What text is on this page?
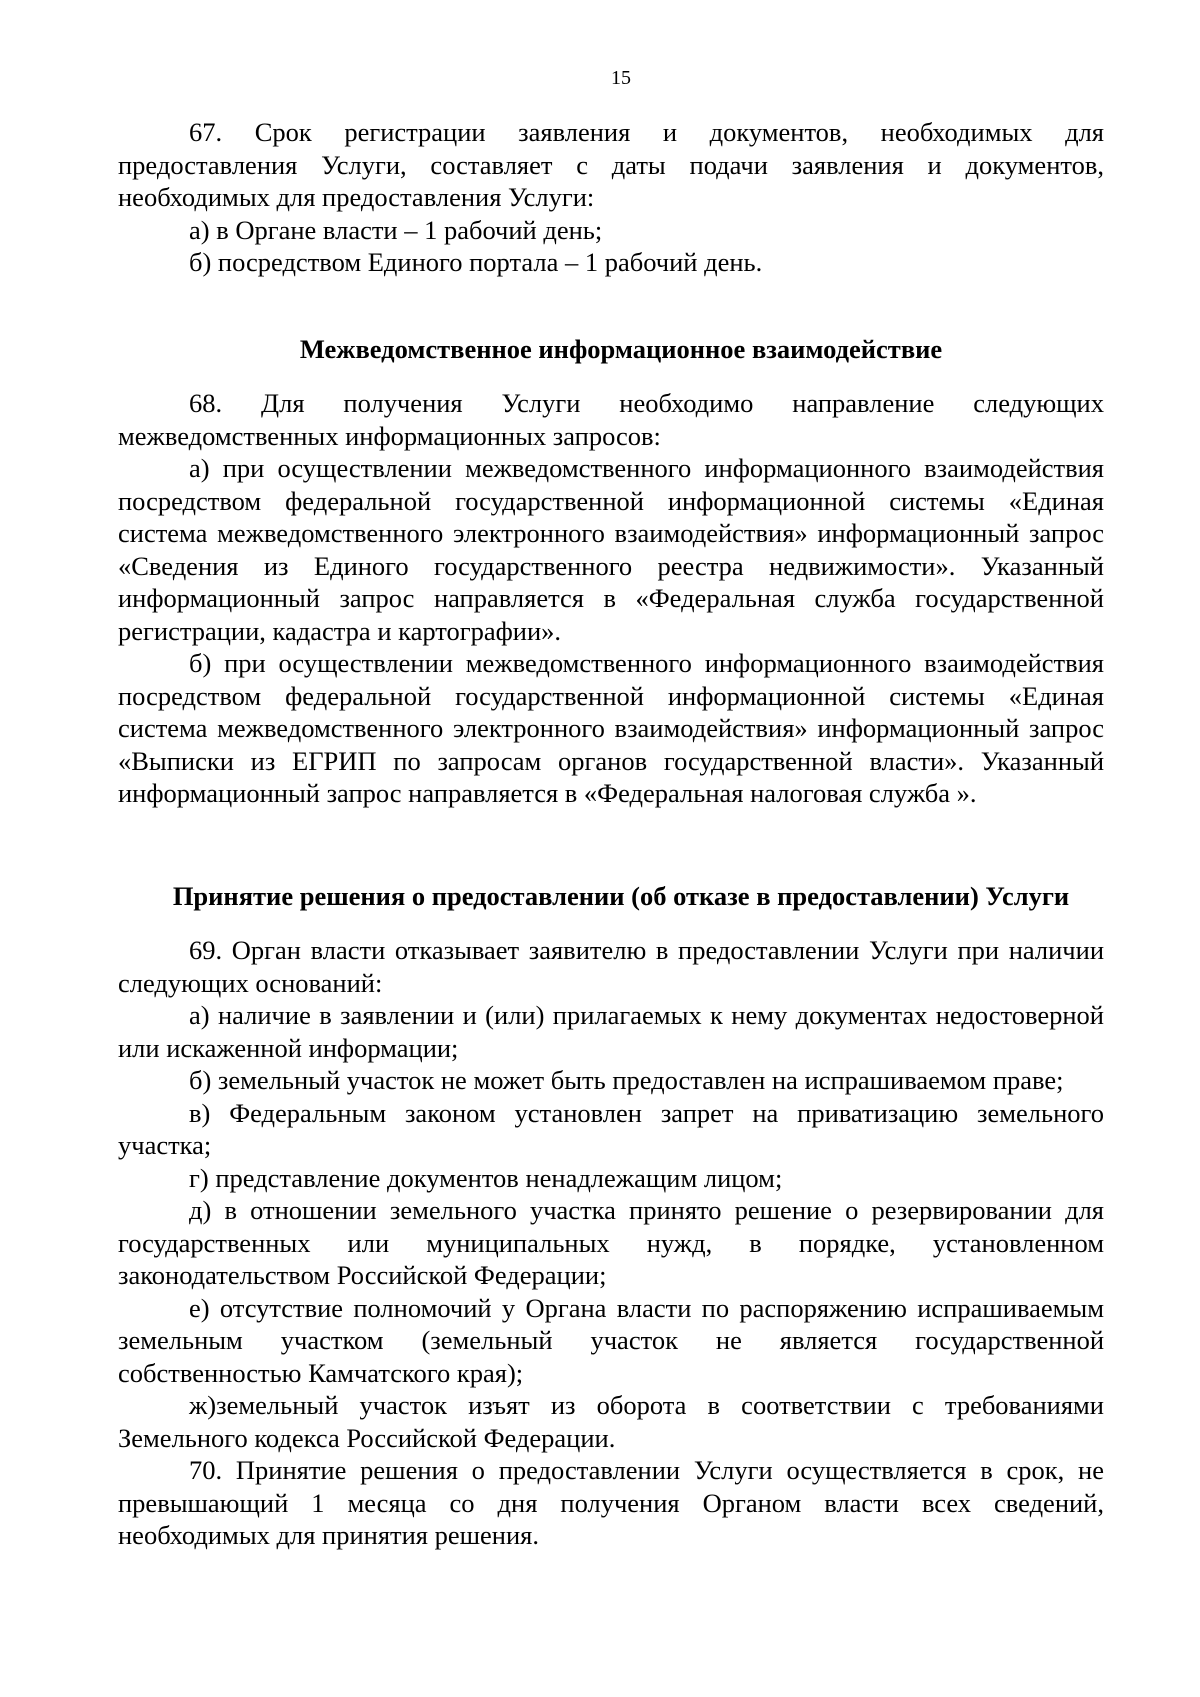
15

67. Срок регистрации заявления и документов, необходимых для предоставления Услуги, составляет с даты подачи заявления и документов, необходимых для предоставления Услуги:

а) в Органе власти – 1 рабочий день;

б) посредством Единого портала – 1 рабочий день.

Межведомственное информационное взаимодействие

68. Для получения Услуги необходимо направление следующих межведомственных информационных запросов:

а) при осуществлении межведомственного информационного взаимодействия посредством федеральной государственной информационной системы «Единая система межведомственного электронного взаимодействия» информационный запрос «Сведения из Единого государственного реестра недвижимости». Указанный информационный запрос направляется в «Федеральная служба государственной регистрации, кадастра и картографии».

б) при осуществлении межведомственного информационного взаимодействия посредством федеральной государственной информационной системы «Единая система межведомственного электронного взаимодействия» информационный запрос «Выписки из ЕГРИП по запросам органов государственной власти». Указанный информационный запрос направляется в «Федеральная налоговая служба ».

Принятие решения о предоставлении (об отказе в предоставлении) Услуги

69. Орган власти отказывает заявителю в предоставлении Услуги при наличии следующих оснований:

а) наличие в заявлении и (или) прилагаемых к нему документах недостоверной или искаженной информации;

б) земельный участок не может быть предоставлен на испрашиваемом праве;

в) Федеральным законом установлен запрет на приватизацию земельного участка;

г) представление документов ненадлежащим лицом;

д) в отношении земельного участка принято решение о резервировании для государственных или муниципальных нужд, в порядке, установленном законодательством Российской Федерации;

е) отсутствие полномочий у Органа власти по распоряжению испрашиваемым земельным участком (земельный участок не является государственной собственностью Камчатского края);

ж)земельный участок изъят из оборота в соответствии с требованиями Земельного кодекса Российской Федерации.

70. Принятие решения о предоставлении Услуги осуществляется в срок, не превышающий 1 месяца со дня получения Органом власти всех сведений, необходимых для принятия решения.
